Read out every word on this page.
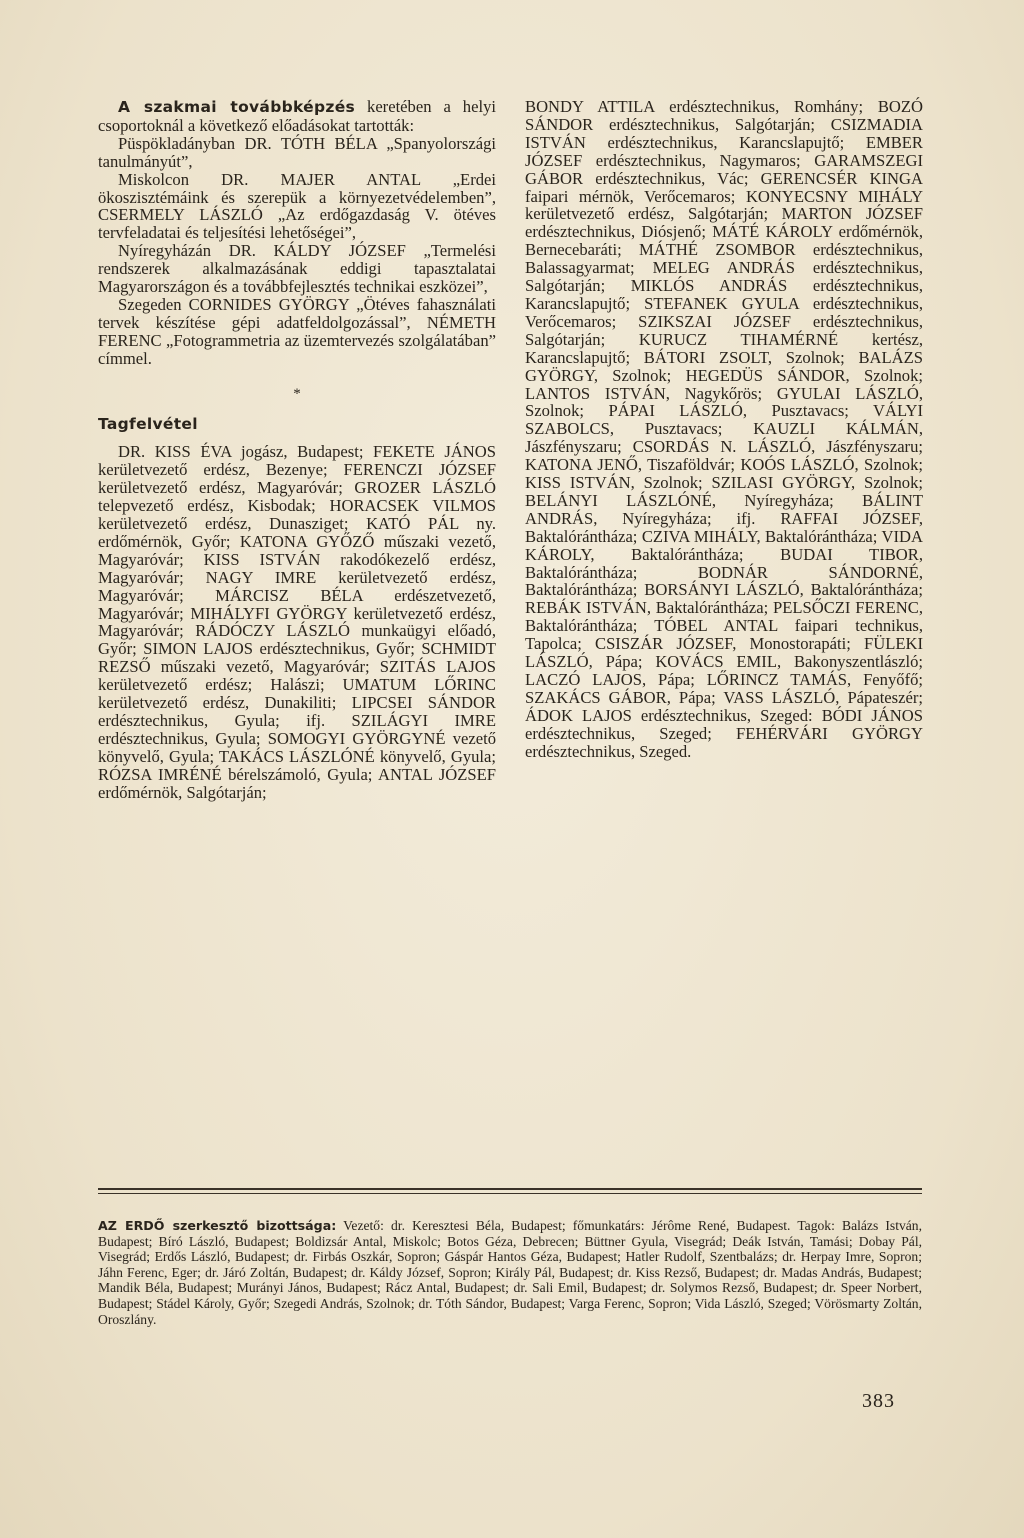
A szakmai továbbképzés keretében a helyi csoportoknál a következő előadásokat tartották:

Püspökladányban DR. TÓTH BÉLA „Spanyolországi tanulmányút”,

Miskolcon DR. MAJER ANTAL „Erdei ökoszisztémáink és szerepük a környezetvédelemben”, CSERMELY LÁSZLÓ „Az erdőgazdaság V. ötéves tervfeladatai és teljesítési lehetőségei”,

Nyíregyházán DR. KÁLDY JÓZSEF „Termelési rendszerek alkalmazásának eddigi tapasztalatai Magyarországon és a továbbfejlesztés technikai eszközei”,

Szegeden CORNIDES GYÖRGY „Ötéves fahasználati tervek készítése gépi adatfeldolgozással”, NÉMETH FERENC „Fotogrammetria az üzemtervezés szolgálatában” címmel.

*
Tagfelvétel

DR. KISS ÉVA jogász, Budapest; FEKETE JÁNOS kerületvezető erdész, Bezenye; FERENCZI JÓZSEF kerületvezető erdész, Magyaróvár; GROZER LÁSZLÓ telepvezető erdész, Kisbodak; HORACSEK VILMOS kerületvezető erdész, Dunasziget; KATÓ PÁL ny. erdőmérnök, Győr; KATONA GYŐZŐ műszaki vezető, Magyaróvár; KISS ISTVÁN rakodókezelő erdész, Magyaróvár; NAGY IMRE kerületvezető erdész, Magyaróvár; MÁRCISZ BÉLA erdészetvezető, Magyaróvár; MIHÁLYFI GYÖRGY kerületvezető erdész, Magyaróvár; RÁDÓCZY LÁSZLÓ munkaügyi előadó, Győr; SIMON LAJOS erdésztechnikus, Győr; SCHMIDT REZSŐ műszaki vezető, Magyaróvár; SZITÁS LAJOS kerületvezető erdész; Halászi; UMATUM LŐRINC kerületvezető erdész, Dunakiliti; LIPCSEI SÁNDOR erdésztechnikus, Gyula; ifj. SZILÁGYI IMRE erdésztechnikus, Gyula; SOMOGYI GYÖRGYNÉ vezető könyvelő, Gyula; TAKÁCS LÁSZLÓNÉ könyvelő, Gyula; RÓZSA IMRÉNÉ bérelszámoló, Gyula; ANTAL JÓZSEF erdőmérnök, Salgótarján;

BONDY ATTILA erdésztechnikus, Romhány; BOZÓ SÁNDOR erdésztechnikus, Salgótarján; CSIZMADIA ISTVÁN erdésztechnikus, Karancslapujtő; EMBER JÓZSEF erdésztechnikus, Nagymaros; GARAMSZEGI GÁBOR erdésztechnikus, Vác; GERENCSÉR KINGA faipari mérnök, Verőcemaros; KONYECSNY MIHÁLY kerületvezető erdész, Salgótarján; MARTON JÓZSEF erdésztechnikus, Diósjenő; MÁTÉ KÁROLY erdőmérnök, Bernecebaráti; MÁTHÉ ZSOMBOR erdésztechnikus, Balassagyarmat; MELEG ANDRÁS erdésztechnikus, Salgótarján; MIKLÓS ANDRÁS erdésztechnikus, Karancslapujtő; STEFANEK GYULA erdésztechnikus, Verőcemaros; SZIKSZAI JÓZSEF erdésztechnikus, Salgótarján; KURUCZ TIHAMÉRNÉ kertész, Karancslapujtő; BÁTORI ZSOLT, Szolnok; BALÁZS GYÖRGY, Szolnok; HEGEDÜS SÁNDOR, Szolnok; LANTOS ISTVÁN, Nagykőrös; GYULAI LÁSZLÓ, Szolnok; PÁPAI LÁSZLÓ, Pusztavacs; VÁLYI SZABOLCS, Pusztavacs; KAUZLI KÁLMÁN, Jászfényszaru; CSORDÁS N. LÁSZLÓ, Jászfényszaru; KATONA JENŐ, Tiszaföldvár; KOÓS LÁSZLÓ, Szolnok; KISS ISTVÁN, Szolnok; SZILASI GYÖRGY, Szolnok; BELÁNYI LÁSZLÓNÉ, Nyíregyháza; BÁLINT ANDRÁS, Nyíregyháza; ifj. RAFFAI JÓZSEF, Baktalórántháza; CZIVA MIHÁLY, Baktalórántháza; VIDA KÁROLY, Baktalórántháza; BUDAI TIBOR, Baktalórántháza; BODNÁR SÁNDORNÉ, Baktalórántháza; BORSÁNYI LÁSZLÓ, Baktalórántháza; REBÁK ISTVÁN, Baktalórántháza; PELSŐCZI FERENC, Baktalórántháza; TÓBEL ANTAL faipari technikus, Tapolca; CSISZÁR JÓZSEF, Monostorapáti; FÜLEKI LÁSZLÓ, Pápa; KOVÁCS EMIL, Bakonyszentlászló; LACZÓ LAJOS, Pápa; LŐRINCZ TAMÁS, Fenyőfő; SZAKÁCS GÁBOR, Pápa; VASS LÁSZLÓ, Pápateszér; ÁDOK LAJOS erdésztechnikus, Szeged: BÓDI JÁNOS erdésztechnikus, Szeged; FEHÉRVÁRI GYÖRGY erdésztechnikus, Szeged.

AZ ERDŐ szerkesztő bizottsága: Vezető: dr. Keresztesi Béla, Budapest; főmunkatárs: Jérôme René, Budapest. Tagok: Balázs István, Budapest; Bíró László, Budapest; Boldizsár Antal, Miskolc; Botos Géza, Debrecen; Büttner Gyula, Visegrád; Deák István, Tamási; Dobay Pál, Visegrád; Erdős László, Budapest; dr. Firbás Oszkár, Sopron; Gáspár Hantos Géza, Budapest; Hatler Rudolf, Szentbalázs; dr. Herpay Imre, Sopron; Jáhn Ferenc, Eger; dr. Járó Zoltán, Budapest; dr. Káldy József, Sopron; Király Pál, Budapest; dr. Kiss Rezső, Budapest; dr. Madas András, Budapest; Mandik Béla, Budapest; Murányi János, Budapest; Rácz Antal, Budapest; dr. Sali Emil, Budapest; dr. Solymos Rezső, Budapest; dr. Speer Norbert, Budapest; Stádel Károly, Győr; Szegedi András, Szolnok; dr. Tóth Sándor, Budapest; Varga Ferenc, Sopron; Vida László, Szeged; Vörösmarty Zoltán, Oroszlány.

383
